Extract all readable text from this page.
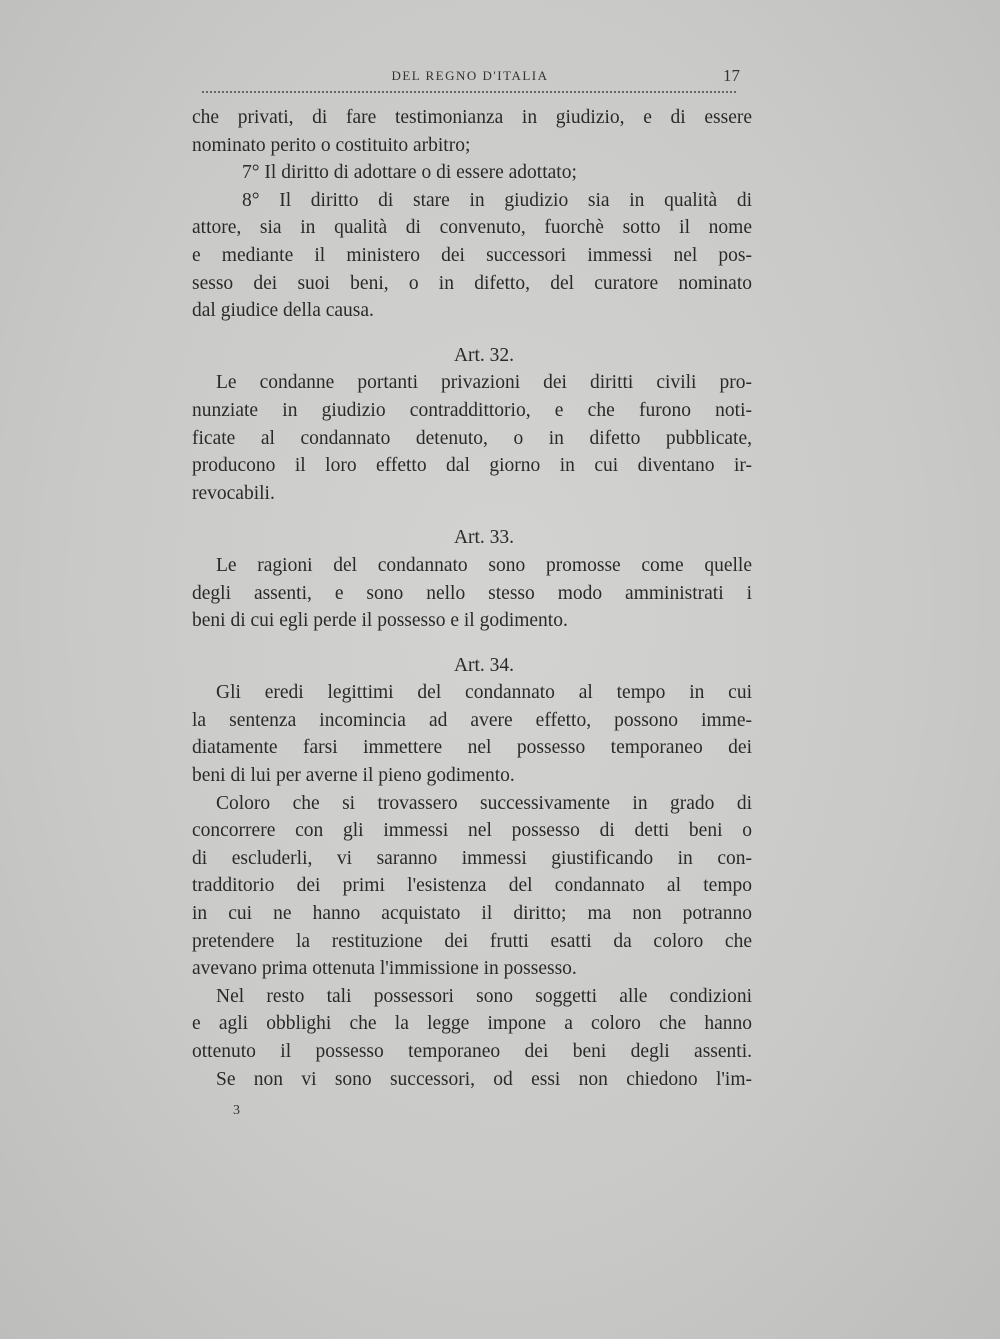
DEL REGNO D'ITALIA	17
che privati, di fare testimonianza in giudizio, e di essere
nominato perito o costituito arbitro;
7° Il diritto di adottare o di essere adottato;
8° Il diritto di stare in giudizio sia in qualità di
attore, sia in qualità di convenuto, fuorchè sotto il nome
e mediante il ministero dei successori immessi nel pos-
sesso dei suoi beni, o in difetto, del curatore nominato
dal giudice della causa.
Art. 32.
Le condanne portanti privazioni dei diritti civili pro-
nunziate in giudizio contraddittorio, e che furono noti-
ficate al condannato detenuto, o in difetto pubblicate,
producono il loro effetto dal giorno in cui diventano ir-
revocabili.
Art. 33.
Le ragioni del condannato sono promosse come quelle
degli assenti, e sono nello stesso modo amministrati i
beni di cui egli perde il possesso e il godimento.
Art. 34.
Gli eredi legittimi del condannato al tempo in cui
la sentenza incomincia ad avere effetto, possono imme-
diatamente farsi immettere nel possesso temporaneo dei
beni di lui per averne il pieno godimento.
Coloro che si trovassero successivamente in grado di
concorrere con gli immessi nel possesso di detti beni o
di escluderli, vi saranno immessi giustificando in con-
tradditorio dei primi l'esistenza del condannato al tempo
in cui ne hanno acquistato il diritto; ma non potranno
pretendere la restituzione dei frutti esatti da coloro che
avevano prima ottenuta l'immissione in possesso.
Nel resto tali possessori sono soggetti alle condizioni
e agli obblighi che la legge impone a coloro che hanno
ottenuto il possesso temporaneo dei beni degli assenti.
Se non vi sono successori, od essi non chiedono l'im-
3
